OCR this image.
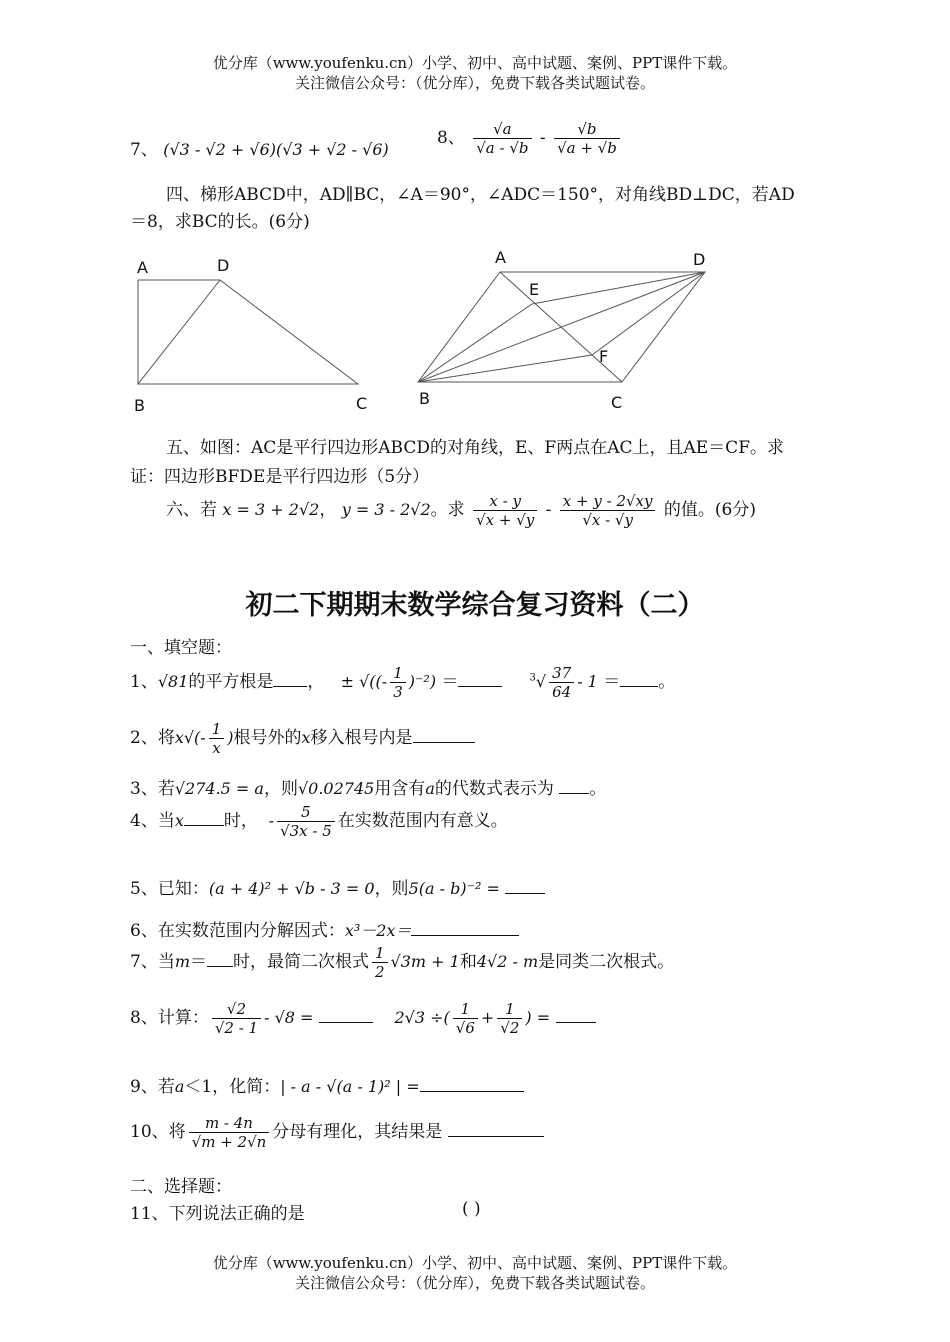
优分库（www.youfenku.cn）小学、初中、高中试题、案例、PPT课件下载。
关注微信公众号：（优分库），免费下载各类试题试卷。
7、 (√3 - √2 + √6)(√3 + √2 - √6)
8、 $\frac{√a}{√a - √b} - \frac{√b}{√a + √b}$
四、梯形ABCD中，AD∥BC，∠A＝90°，∠ADC＝150°，对角线BD⊥DC，若AD
＝8，求BC的长。(6分)
A	D
B	C
A	D
E
F
B	C
五、如图：AC是平行四边形ABCD的对角线，E、F两点在AC上，且AE＝CF。求
证：四边形BFDE是平行四边形（5分）
六、若 x = 3 + 2√2， y = 3 - 2√2。求 $\frac{x - y}{√x + √y} - \frac{x + y - 2√xy}{√x - √y}$ 的值。(6分)
初二下期期末数学综合复习资料（二）
一、填空题：
1、√81的平方根是 ， ± √((- $\frac{1}{3} )^{-2}$) ＝	$^3√ \frac{37}{64} - 1$ ＝ 。
2、将$x√(- \frac{1}{x}$ )根号外的x移入根号内是
3、若√274.5 = a，则√0.02745用含有a的代数式表示为 。
4、当x 时， - $\frac{5}{√3x - 5}$ 在实数范围内有意义。
5、已知：(a + 4)² + √b - 3 = 0，则5(a - b)⁻² =
6、在实数范围内分解因式：x³－2x＝
7、当m＝ 时，最简二次根式 $\frac{1}{2} √3m + 1$和4√2 - m是同类二次根式。
8、计算： $\frac{√2}{√2 - 1} - √8$ =	2√3 ÷( $\frac{1}{√6} + \frac{1}{√2}$ ) =
9、若a＜1，化简：| - a - √(a - 1)² | =
10、将 $\frac{m - 4n}{√m + 2√n}$ 分母有理化，其结果是
二、选择题：
11、下列说法正确的是	( )
优分库（www.youfenku.cn）小学、初中、高中试题、案例、PPT课件下载。
关注微信公众号：（优分库），免费下载各类试题试卷。
